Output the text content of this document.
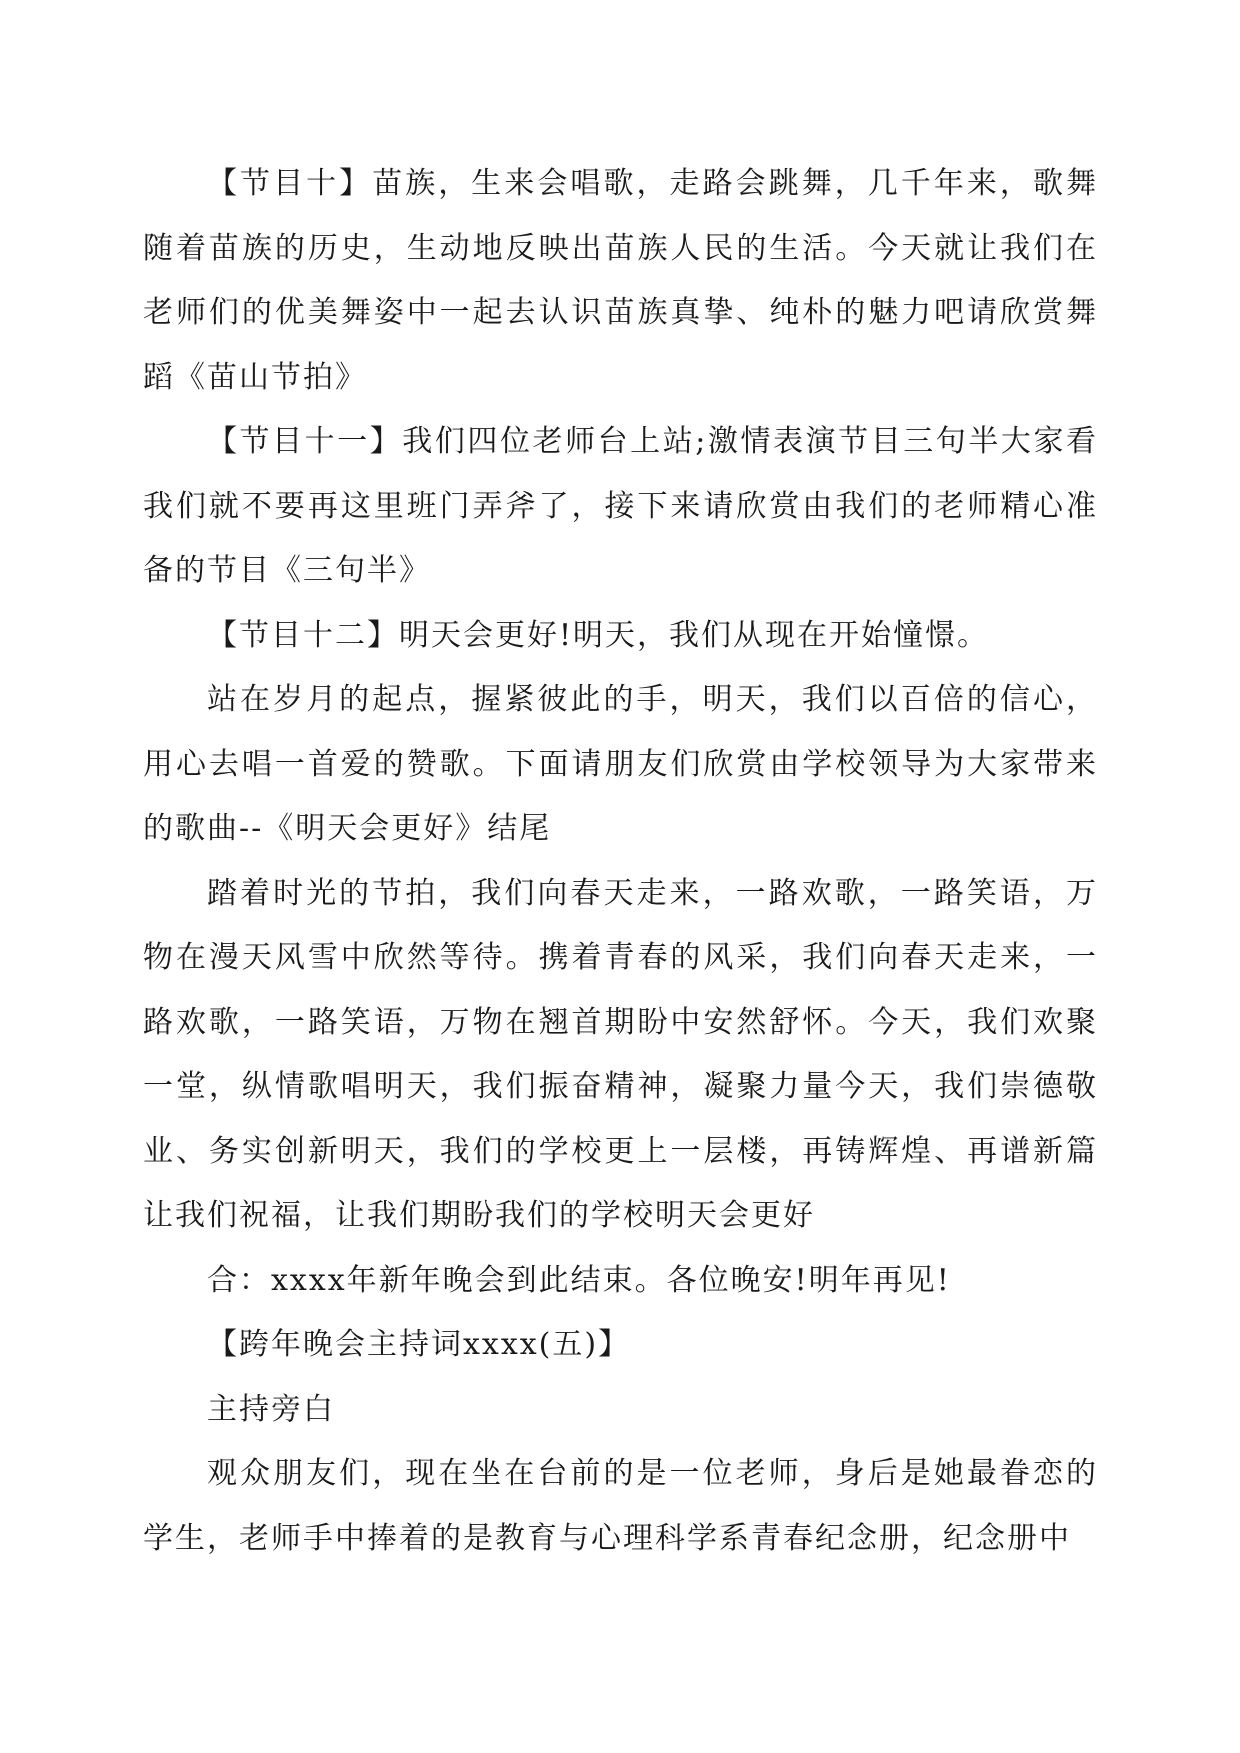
【节目十】苗族，生来会唱歌，走路会跳舞，几千年来，歌舞随着苗族的历史，生动地反映出苗族人民的生活。今天就让我们在老师们的优美舞姿中一起去认识苗族真挚、纯朴的魅力吧请欣赏舞蹈《苗山节拍》

【节目十一】我们四位老师台上站;激情表演节目三句半大家看我们就不要再这里班门弄斧了，接下来请欣赏由我们的老师精心准备的节目《三句半》

【节目十二】明天会更好!明天，我们从现在开始憧憬。

站在岁月的起点，握紧彼此的手，明天，我们以百倍的信心，用心去唱一首爱的赞歌。下面请朋友们欣赏由学校领导为大家带来的歌曲--《明天会更好》结尾

踏着时光的节拍，我们向春天走来，一路欢歌，一路笑语，万物在漫天风雪中欣然等待。携着青春的风采，我们向春天走来，一路欢歌，一路笑语，万物在翘首期盼中安然舒怀。今天，我们欢聚一堂，纵情歌唱明天，我们振奋精神，凝聚力量今天，我们崇德敬业、务实创新明天，我们的学校更上一层楼，再铸辉煌、再谱新篇让我们祝福，让我们期盼我们的学校明天会更好

合：xxxx年新年晚会到此结束。各位晚安!明年再见!

【跨年晚会主持词xxxx(五)】

主持旁白

观众朋友们，现在坐在台前的是一位老师，身后是她最眷恋的学生，老师手中捧着的是教育与心理科学系青春纪念册，纪念册中
